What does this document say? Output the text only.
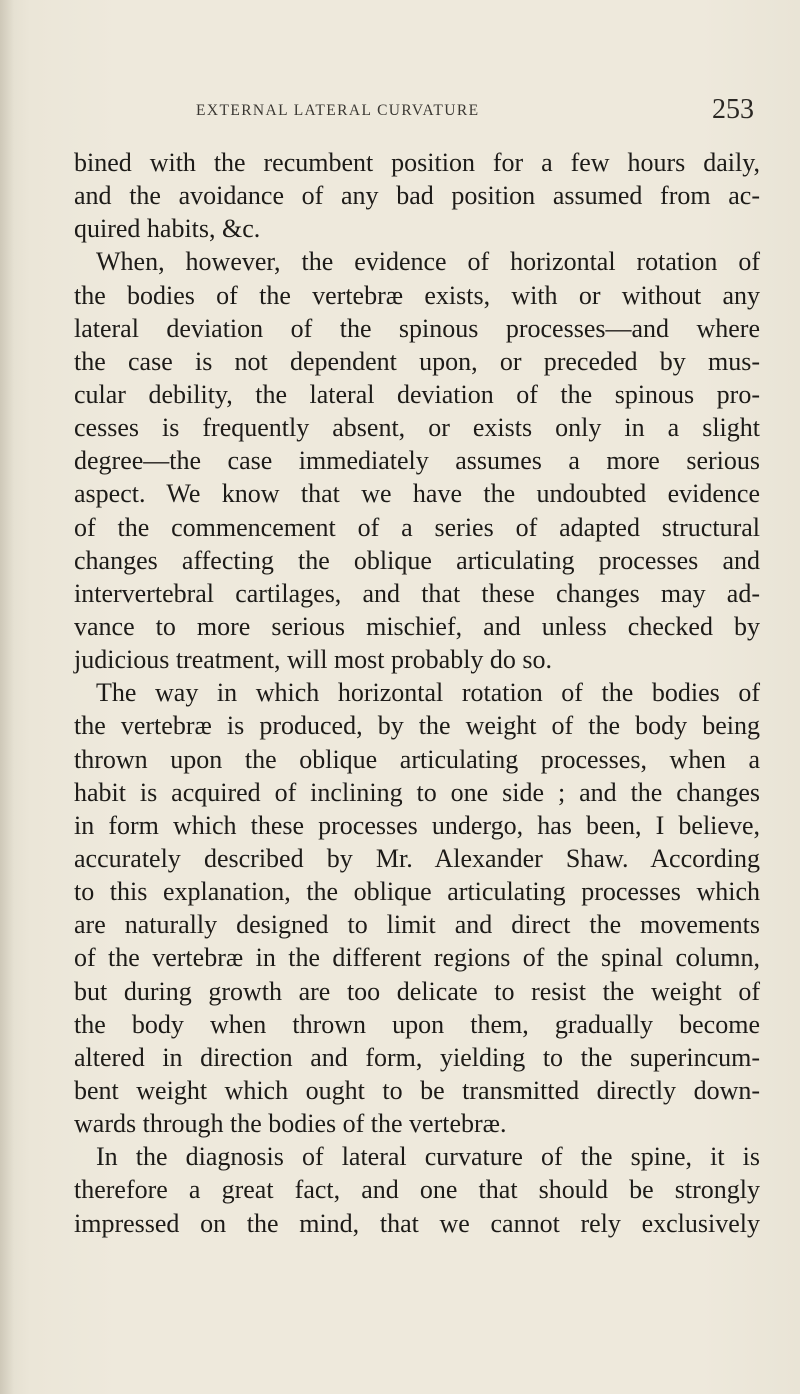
EXTERNAL LATERAL CURVATURE	253
bined with the recumbent position for a few hours daily,
and the avoidance of any bad position assumed from ac-
quired habits, &c.
When, however, the evidence of horizontal rotation of
the bodies of the vertebræ exists, with or without any
lateral deviation of the spinous processes—and where
the case is not dependent upon, or preceded by mus-
cular debility, the lateral deviation of the spinous pro-
cesses is frequently absent, or exists only in a slight
degree—the case immediately assumes a more serious
aspect. We know that we have the undoubted evidence
of the commencement of a series of adapted structural
changes affecting the oblique articulating processes and
intervertebral cartilages, and that these changes may ad-
vance to more serious mischief, and unless checked by
judicious treatment, will most probably do so.
The way in which horizontal rotation of the bodies of
the vertebræ is produced, by the weight of the body being
thrown upon the oblique articulating processes, when a
habit is acquired of inclining to one side ; and the changes
in form which these processes undergo, has been, I believe,
accurately described by Mr. Alexander Shaw. According
to this explanation, the oblique articulating processes which
are naturally designed to limit and direct the movements
of the vertebræ in the different regions of the spinal column,
but during growth are too delicate to resist the weight of
the body when thrown upon them, gradually become
altered in direction and form, yielding to the superincum-
bent weight which ought to be transmitted directly down-
wards through the bodies of the vertebræ.
In the diagnosis of lateral curvature of the spine, it is
therefore a great fact, and one that should be strongly
impressed on the mind, that we cannot rely exclusively
